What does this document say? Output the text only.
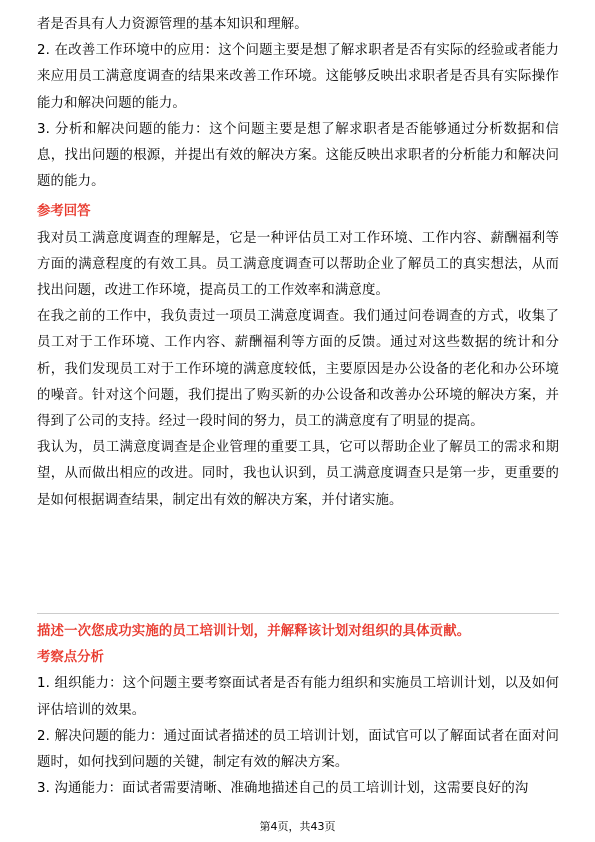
者是否具有人力资源管理的基本知识和理解。

2. 在改善工作环境中的应用：这个问题主要是想了解求职者是否有实际的经验或者能力来应用员工满意度调查的结果来改善工作环境。这能够反映出求职者是否具有实际操作能力和解决问题的能力。

3. 分析和解决问题的能力：这个问题主要是想了解求职者是否能够通过分析数据和信息，找出问题的根源，并提出有效的解决方案。这能反映出求职者的分析能力和解决问题的能力。

参考回答

我对员工满意度调查的理解是，它是一种评估员工对工作环境、工作内容、薪酬福利等方面的满意程度的有效工具。员工满意度调查可以帮助企业了解员工的真实想法，从而找出问题，改进工作环境，提高员工的工作效率和满意度。

在我之前的工作中，我负责过一项员工满意度调查。我们通过问卷调查的方式，收集了员工对于工作环境、工作内容、薪酬福利等方面的反馈。通过对这些数据的统计和分析，我们发现员工对于工作环境的满意度较低，主要原因是办公设备的老化和办公环境的噪音。针对这个问题，我们提出了购买新的办公设备和改善办公环境的解决方案，并得到了公司的支持。经过一段时间的努力，员工的满意度有了明显的提高。

我认为，员工满意度调查是企业管理的重要工具，它可以帮助企业了解员工的需求和期望，从而做出相应的改进。同时，我也认识到，员工满意度调查只是第一步，更重要的是如何根据调查结果，制定出有效的解决方案，并付诸实施。

描述一次您成功实施的员工培训计划，并解释该计划对组织的具体贡献。

考察点分析

1. 组织能力：这个问题主要考察面试者是否有能力组织和实施员工培训计划，以及如何评估培训的效果。

2. 解决问题的能力：通过面试者描述的员工培训计划，面试官可以了解面试者在面对问题时，如何找到问题的关键，制定有效的解决方案。

3. 沟通能力：面试者需要清晰、准确地描述自己的员工培训计划，这需要良好的沟

第4页，共43页
